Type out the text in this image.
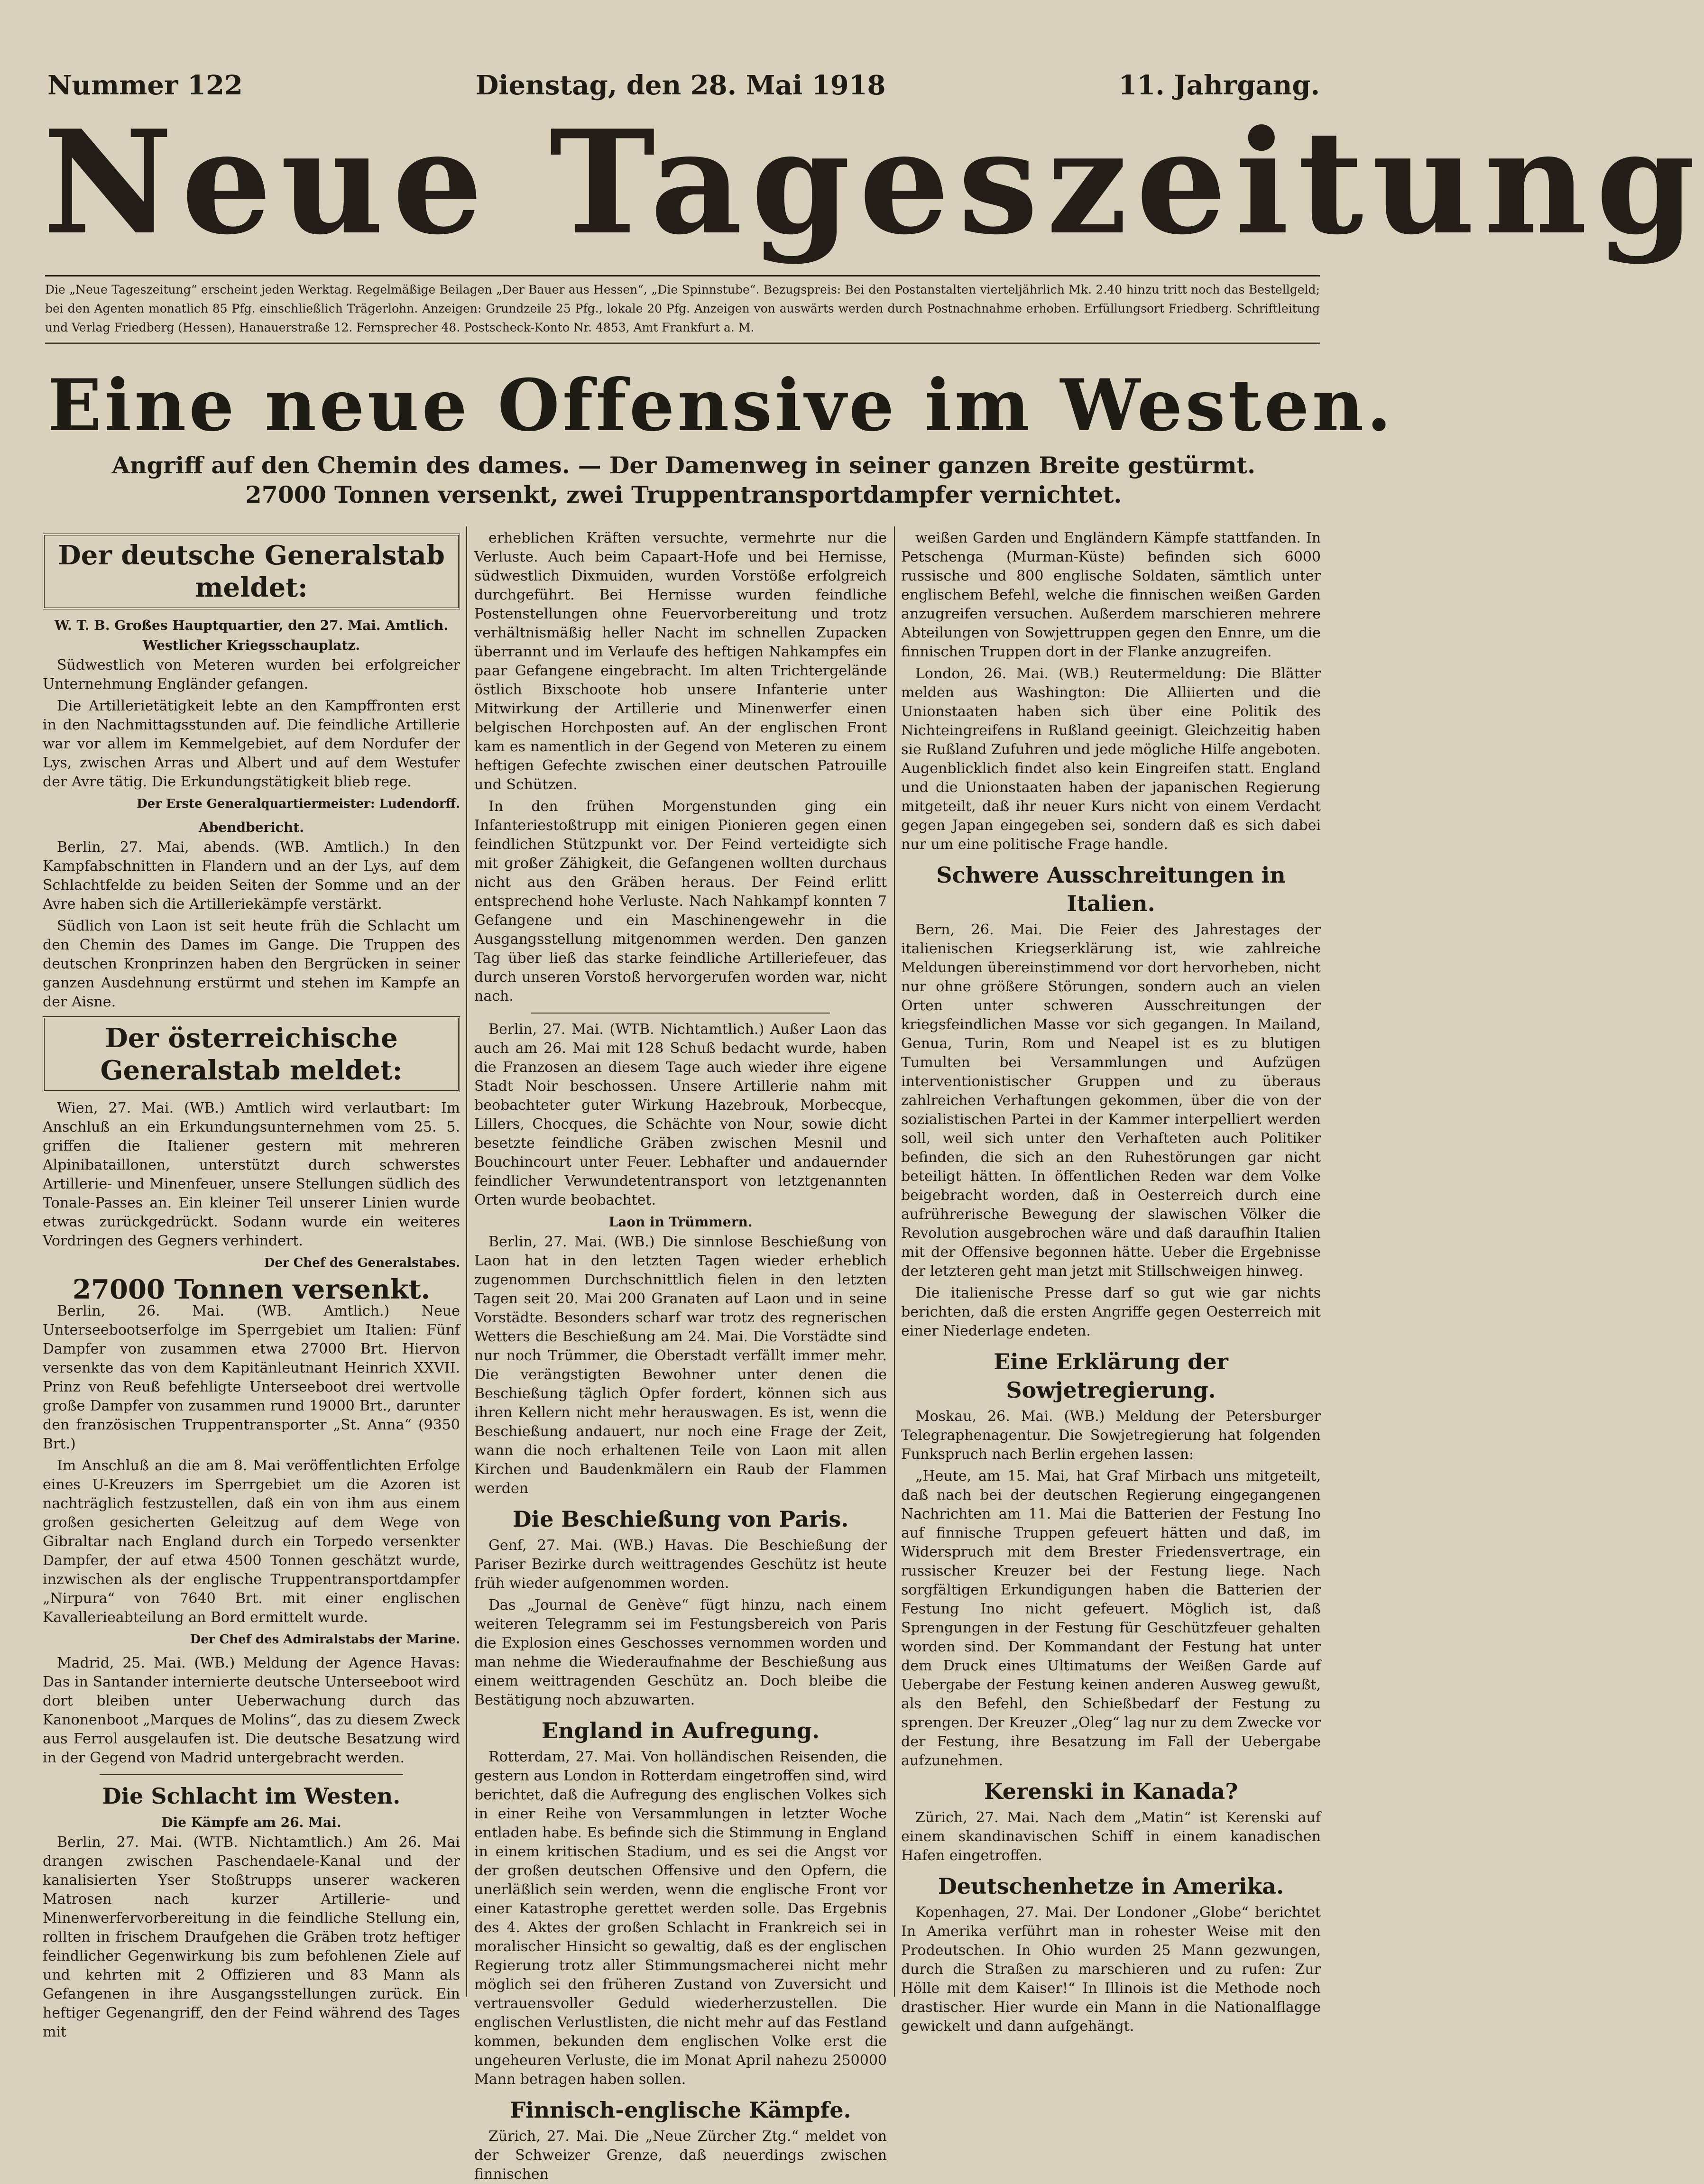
Nummer 122	Dienstag, den 28. Mai 1918	11. Jahrgang.
Neue Tageszeitung
Die „Neue Tageszeitung“ erscheint jeden Werktag. Regelmäßige Beilagen „Der Bauer aus Hessen“, „Die Spinnstube“. Bezugspreis: Bei den Postanstalten vierteljährlich Mk. 2.40 hinzu tritt noch das Bestellgeld; bei den Agenten monatlich 85 Pfg. einschließlich Trägerlohn. Anzeigen: Grundzeile 25 Pfg., lokale 20 Pfg. Anzeigen von auswärts werden durch Postnachnahme erhoben. Erfüllungsort Friedberg. Schriftleitung und Verlag Friedberg (Hessen), Hanauerstraße 12. Fernsprecher 48. Postscheck-Konto Nr. 4853, Amt Frankfurt a. M.
Eine neue Offensive im Westen.
Angriff auf den Chemin des dames. — Der Damenweg in seiner ganzen Breite gestürmt.
27000 Tonnen versenkt, zwei Truppentransportdampfer vernichtet.
Der deutsche Generalstab meldet:
W. T. B. Großes Hauptquartier, den 27. Mai. Amtlich.
Westlicher Kriegsschauplatz.

Südwestlich von Meteren wurden bei erfolgreicher Unternehmung Engländer gefangen.

Die Artillerietätigkeit lebte an den Kampffronten erst in den Nachmittagsstunden auf. Die feindliche Artillerie war vor allem im Kemmelgebiet, auf dem Nordufer der Lys, zwischen Arras und Albert und auf dem Westufer der Avre tätig. Die Erkundungstätigkeit blieb rege.

Der Erste Generalquartiermeister: Ludendorff.
Abendbericht.

Berlin, 27. Mai, abends. (WB. Amtlich.) In den Kampfabschnitten in Flandern und an der Lys, auf dem Schlachtfelde zu beiden Seiten der Somme und an der Avre haben sich die Artilleriekämpfe verstärkt.

Südlich von Laon ist seit heute früh die Schlacht um den Chemin des Dames im Gange. Die Truppen des deutschen Kronprinzen haben den Bergrücken in seiner ganzen Ausdehnung erstürmt und stehen im Kampfe an der Aisne.

Der österreichische Generalstab meldet:

Wien, 27. Mai. (WB.) Amtlich wird verlautbart: Im Anschluß an ein Erkundungsunternehmen vom 25. 5. griffen die Italiener gestern mit mehreren Alpinibataillonen, unterstützt durch schwerstes Artillerie- und Minenfeuer, unsere Stellungen südlich des Tonale-Passes an. Ein kleiner Teil unserer Linien wurde etwas zurückgedrückt. Sodann wurde ein weiteres Vordringen des Gegners verhindert.

Der Chef des Generalstabes.
27000 Tonnen versenkt.

Berlin, 26. Mai. (WB. Amtlich.) Neue Unterseebootserfolge im Sperrgebiet um Italien: Fünf Dampfer von zusammen etwa 27000 Brt. Hiervon versenkte das von dem Kapitänleutnant Heinrich XXVII. Prinz von Reuß befehligte Unterseeboot drei wertvolle große Dampfer von zusammen rund 19000 Brt., darunter den französischen Truppentransporter „St. Anna“ (9350 Brt.)

Im Anschluß an die am 8. Mai veröffentlichten Erfolge eines U-Kreuzers im Sperrgebiet um die Azoren ist nachträglich festzustellen, daß ein von ihm aus einem großen gesicherten Geleitzug auf dem Wege von Gibraltar nach England durch ein Torpedo versenkter Dampfer, der auf etwa 4500 Tonnen geschätzt wurde, inzwischen als der englische Truppentransportdampfer „Nirpura“ von 7640 Brt. mit einer englischen Kavallerieabteilung an Bord ermittelt wurde.

Der Chef des Admiralstabs der Marine.

Madrid, 25. Mai. (WB.) Meldung der Agence Havas: Das in Santander internierte deutsche Unterseeboot wird dort bleiben unter Ueberwachung durch das Kanonenboot „Marques de Molins“, das zu diesem Zweck aus Ferrol ausgelaufen ist. Die deutsche Besatzung wird in der Gegend von Madrid untergebracht werden.

Die Schlacht im Westen.
Die Kämpfe am 26. Mai.

Berlin, 27. Mai. (WTB. Nichtamtlich.) Am 26. Mai drangen zwischen Paschendaele-Kanal und der kanalisierten Yser Stoßtrupps unserer wackeren Matrosen nach kurzer Artillerie- und Minenwerfervorbereitung in die feindliche Stellung ein, rollten in frischem Draufgehen die Gräben trotz heftiger feindlicher Gegenwirkung bis zum befohlenen Ziele auf und kehrten mit 2 Offizieren und 83 Mann als Gefangenen in ihre Ausgangsstellungen zurück. Ein heftiger Gegenangriff, den der Feind während des Tages mit

erheblichen Kräften versuchte, vermehrte nur die Verluste. Auch beim Capaart-Hofe und bei Hernisse, südwestlich Dixmuiden, wurden Vorstöße erfolgreich durchgeführt. Bei Hernisse wurden feindliche Postenstellungen ohne Feuervorbereitung und trotz verhältnismäßig heller Nacht im schnellen Zupacken überrannt und im Verlaufe des heftigen Nahkampfes ein paar Gefangene eingebracht. Im alten Trichtergelände östlich Bixschoote hob unsere Infanterie unter Mitwirkung der Artillerie und Minenwerfer einen belgischen Horchposten auf. An der englischen Front kam es namentlich in der Gegend von Meteren zu einem heftigen Gefechte zwischen einer deutschen Patrouille und Schützen.

In den frühen Morgenstunden ging ein Infanteriestoßtrupp mit einigen Pionieren gegen einen feindlichen Stützpunkt vor. Der Feind verteidigte sich mit großer Zähigkeit, die Gefangenen wollten durchaus nicht aus den Gräben heraus. Der Feind erlitt entsprechend hohe Verluste. Nach Nahkampf konnten 7 Gefangene und ein Maschinengewehr in die Ausgangsstellung mitgenommen werden. Den ganzen Tag über ließ das starke feindliche Artilleriefeuer, das durch unseren Vorstoß hervorgerufen worden war, nicht nach.

Berlin, 27. Mai. (WTB. Nichtamtlich.) Außer Laon das auch am 26. Mai mit 128 Schuß bedacht wurde, haben die Franzosen an diesem Tage auch wieder ihre eigene Stadt Noir beschossen. Unsere Artillerie nahm mit beobachteter guter Wirkung Hazebrouk, Morbecque, Lillers, Chocques, die Schächte von Nour, sowie dicht besetzte feindliche Gräben zwischen Mesnil und Bouchincourt unter Feuer. Lebhafter und andauernder feindlicher Verwundetentransport von letztgenannten Orten wurde beobachtet.

Laon in Trümmern.

Berlin, 27. Mai. (WB.) Die sinnlose Beschießung von Laon hat in den letzten Tagen wieder erheblich zugenommen Durchschnittlich fielen in den letzten Tagen seit 20. Mai 200 Granaten auf Laon und in seine Vorstädte. Besonders scharf war trotz des regnerischen Wetters die Beschießung am 24. Mai. Die Vorstädte sind nur noch Trümmer, die Oberstadt verfällt immer mehr. Die verängstigten Bewohner unter denen die Beschießung täglich Opfer fordert, können sich aus ihren Kellern nicht mehr herauswagen. Es ist, wenn die Beschießung andauert, nur noch eine Frage der Zeit, wann die noch erhaltenen Teile von Laon mit allen Kirchen und Baudenkmälern ein Raub der Flammen werden

Die Beschießung von Paris.

Genf, 27. Mai. (WB.) Havas. Die Beschießung der Pariser Bezirke durch weittragendes Geschütz ist heute früh wieder aufgenommen worden.

Das „Journal de Genève“ fügt hinzu, nach einem weiteren Telegramm sei im Festungsbereich von Paris die Explosion eines Geschosses vernommen worden und man nehme die Wiederaufnahme der Beschießung aus einem weittragenden Geschütz an. Doch bleibe die Bestätigung noch abzuwarten.

England in Aufregung.

Rotterdam, 27. Mai. Von holländischen Reisenden, die gestern aus London in Rotterdam eingetroffen sind, wird berichtet, daß die Aufregung des englischen Volkes sich in einer Reihe von Versammlungen in letzter Woche entladen habe. Es befinde sich die Stimmung in England in einem kritischen Stadium, und es sei die Angst vor der großen deutschen Offensive und den Opfern, die unerläßlich sein werden, wenn die englische Front vor einer Katastrophe gerettet werden solle. Das Ergebnis des 4. Aktes der großen Schlacht in Frankreich sei in moralischer Hinsicht so gewaltig, daß es der englischen Regierung trotz aller Stimmungsmacherei nicht mehr möglich sei den früheren Zustand von Zuversicht und vertrauensvoller Geduld wiederherzustellen. Die englischen Verlustlisten, die nicht mehr auf das Festland kommen, bekunden dem englischen Volke erst die ungeheuren Verluste, die im Monat April nahezu 250000 Mann betragen haben sollen.

Finnisch-englische Kämpfe.

Zürich, 27. Mai. Die „Neue Zürcher Ztg.“ meldet von der Schweizer Grenze, daß neuerdings zwischen finnischen

weißen Garden und Engländern Kämpfe stattfanden. In Petschenga (Murman-Küste) befinden sich 6000 russische und 800 englische Soldaten, sämtlich unter englischem Befehl, welche die finnischen weißen Garden anzugreifen versuchen. Außerdem marschieren mehrere Abteilungen von Sowjettruppen gegen den Ennre, um die finnischen Truppen dort in der Flanke anzugreifen.

London, 26. Mai. (WB.) Reutermeldung: Die Blätter melden aus Washington: Die Alliierten und die Unionstaaten haben sich über eine Politik des Nichteingreifens in Rußland geeinigt. Gleichzeitig haben sie Rußland Zufuhren und jede mögliche Hilfe angeboten. Augenblicklich findet also kein Eingreifen statt. England und die Unionstaaten haben der japanischen Regierung mitgeteilt, daß ihr neuer Kurs nicht von einem Verdacht gegen Japan eingegeben sei, sondern daß es sich dabei nur um eine politische Frage handle.

Schwere Ausschreitungen in Italien.

Bern, 26. Mai. Die Feier des Jahrestages der italienischen Kriegserklärung ist, wie zahlreiche Meldungen übereinstimmend vor dort hervorheben, nicht nur ohne größere Störungen, sondern auch an vielen Orten unter schweren Ausschreitungen der kriegsfeindlichen Masse vor sich gegangen. In Mailand, Genua, Turin, Rom und Neapel ist es zu blutigen Tumulten bei Versammlungen und Aufzügen interventionistischer Gruppen und zu überaus zahlreichen Verhaftungen gekommen, über die von der sozialistischen Partei in der Kammer interpelliert werden soll, weil sich unter den Verhafteten auch Politiker befinden, die sich an den Ruhestörungen gar nicht beteiligt hätten. In öffentlichen Reden war dem Volke beigebracht worden, daß in Oesterreich durch eine aufrührerische Bewegung der slawischen Völker die Revolution ausgebrochen wäre und daß daraufhin Italien mit der Offensive begonnen hätte. Ueber die Ergebnisse der letzteren geht man jetzt mit Stillschweigen hinweg.

Die italienische Presse darf so gut wie gar nichts berichten, daß die ersten Angriffe gegen Oesterreich mit einer Niederlage endeten.

Eine Erklärung der Sowjetregierung.

Moskau, 26. Mai. (WB.) Meldung der Petersburger Telegraphenagentur. Die Sowjetregierung hat folgenden Funkspruch nach Berlin ergehen lassen:

„Heute, am 15. Mai, hat Graf Mirbach uns mitgeteilt, daß nach bei der deutschen Regierung eingegangenen Nachrichten am 11. Mai die Batterien der Festung Ino auf finnische Truppen gefeuert hätten und daß, im Widerspruch mit dem Brester Friedensvertrage, ein russischer Kreuzer bei der Festung liege. Nach sorgfältigen Erkundigungen haben die Batterien der Festung Ino nicht gefeuert. Möglich ist, daß Sprengungen in der Festung für Geschützfeuer gehalten worden sind. Der Kommandant der Festung hat unter dem Druck eines Ultimatums der Weißen Garde auf Uebergabe der Festung keinen anderen Ausweg gewußt, als den Befehl, den Schießbedarf der Festung zu sprengen. Der Kreuzer „Oleg“ lag nur zu dem Zwecke vor der Festung, ihre Besatzung im Fall der Uebergabe aufzunehmen.

Kerenski in Kanada?

Zürich, 27. Mai. Nach dem „Matin“ ist Kerenski auf einem skandinavischen Schiff in einem kanadischen Hafen eingetroffen.

Deutschenhetze in Amerika.

Kopenhagen, 27. Mai. Der Londoner „Globe“ berichtet In Amerika verführt man in rohester Weise mit den Prodeutschen. In Ohio wurden 25 Mann gezwungen, durch die Straßen zu marschieren und zu rufen: Zur Hölle mit dem Kaiser!“ In Illinois ist die Methode noch drastischer. Hier wurde ein Mann in die Nationalflagge gewickelt und dann aufgehängt.
